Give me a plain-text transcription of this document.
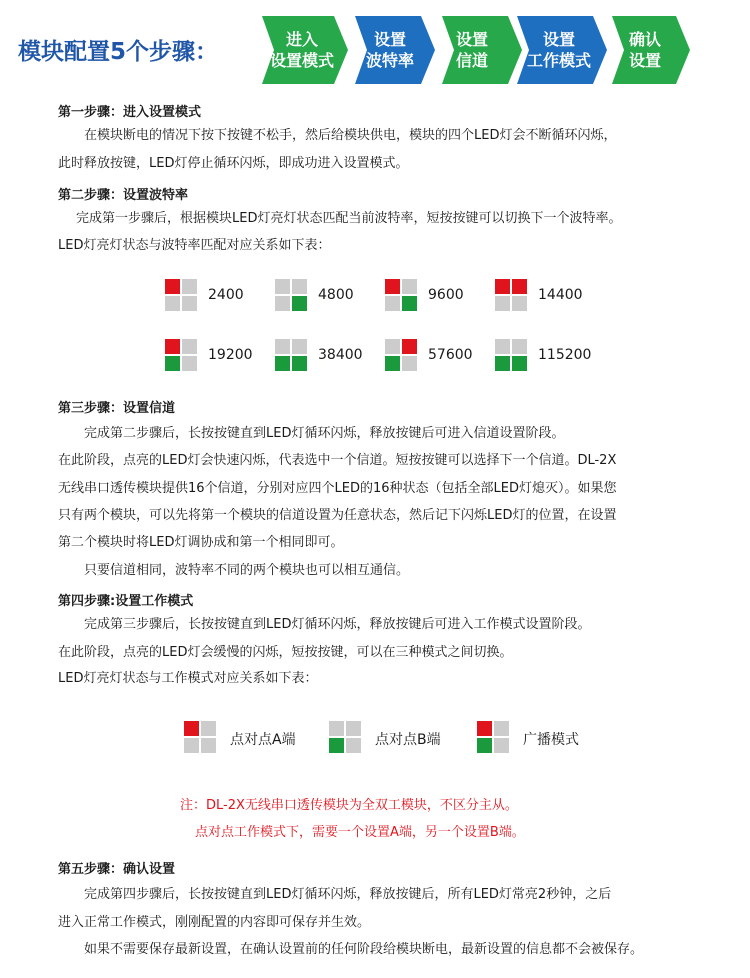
模块配置5个步骤：	进入
设置模式
设置
波特率
设置
信道
设置
工作模式
确认
设置
第一步骤：进入设置模式
在模块断电的情况下按下按键不松手，然后给模块供电，模块的四个LED灯会不断循环闪烁，
此时释放按键，LED灯停止循环闪烁，即成功进入设置模式。
第二步骤：设置波特率
完成第一步骤后，根据模块LED灯亮灯状态匹配当前波特率，短按按键可以切换下一个波特率。
LED灯亮灯状态与波特率匹配对应关系如下表：
2400	4800	9600	14400
19200	38400	57600	115200
第三步骤：设置信道
完成第二步骤后，长按按键直到LED灯循环闪烁，释放按键后可进入信道设置阶段。
在此阶段，点亮的LED灯会快速闪烁，代表选中一个信道。短按按键可以选择下一个信道。DL-2X
无线串口透传模块提供16个信道，分别对应四个LED的16种状态（包括全部LED灯熄灭）。如果您
只有两个模块，可以先将第一个模块的信道设置为任意状态，然后记下闪烁LED灯的位置，在设置
第二个模块时将LED灯调协成和第一个相同即可。
只要信道相同，波特率不同的两个模块也可以相互通信。
第四步骤:设置工作模式
完成第三步骤后，长按按键直到LED灯循环闪烁，释放按键后可进入工作模式设置阶段。
在此阶段，点亮的LED灯会缓慢的闪烁，短按按键，可以在三种模式之间切换。
LED灯亮灯状态与工作模式对应关系如下表：
点对点A端	点对点B端	广播模式
注：DL-2X无线串口透传模块为全双工模块，不区分主从。
点对点工作模式下，需要一个设置A端，另一个设置B端。
第五步骤：确认设置
完成第四步骤后，长按按键直到LED灯循环闪烁，释放按键后，所有LED灯常亮2秒钟，之后
进入正常工作模式，刚刚配置的内容即可保存并生效。
如果不需要保存最新设置，在确认设置前的任何阶段给模块断电，最新设置的信息都不会被保存。
